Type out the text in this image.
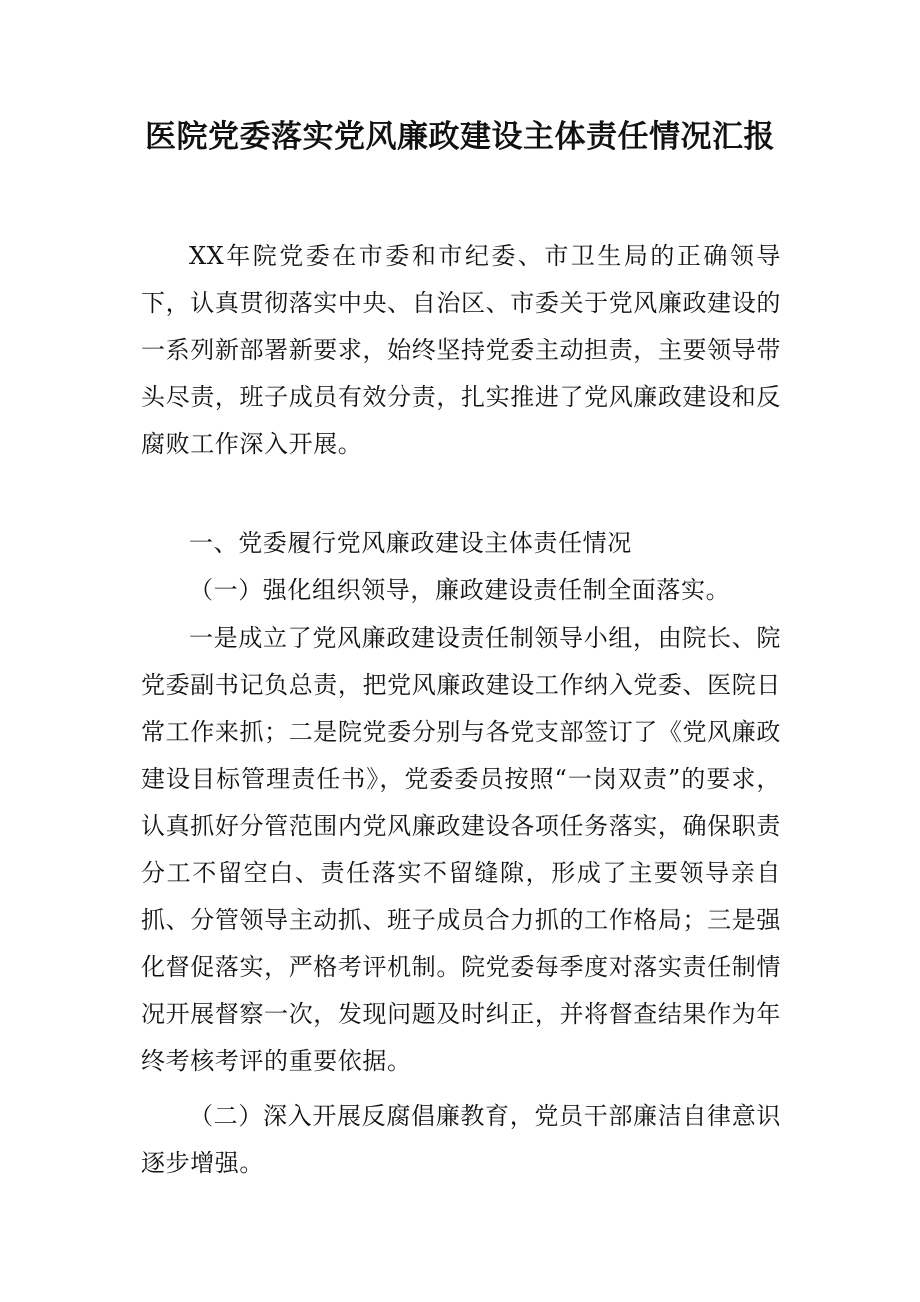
医院党委落实党风廉政建设主体责任情况汇报
XX年院党委在市委和市纪委、市卫生局的正确领导下，认真贯彻落实中央、自治区、市委关于党风廉政建设的一系列新部署新要求，始终坚持党委主动担责，主要领导带头尽责，班子成员有效分责，扎实推进了党风廉政建设和反腐败工作深入开展。
一、党委履行党风廉政建设主体责任情况
（一）强化组织领导，廉政建设责任制全面落实。
一是成立了党风廉政建设责任制领导小组，由院长、院党委副书记负总责，把党风廉政建设工作纳入党委、医院日常工作来抓；二是院党委分别与各党支部签订了《党风廉政建设目标管理责任书》，党委委员按照“一岗双责”的要求，认真抓好分管范围内党风廉政建设各项任务落实，确保职责分工不留空白、责任落实不留缝隙，形成了主要领导亲自抓、分管领导主动抓、班子成员合力抓的工作格局；三是强化督促落实，严格考评机制。院党委每季度对落实责任制情况开展督察一次，发现问题及时纠正，并将督查结果作为年终考核考评的重要依据。
（二）深入开展反腐倡廉教育，党员干部廉洁自律意识逐步增强。
